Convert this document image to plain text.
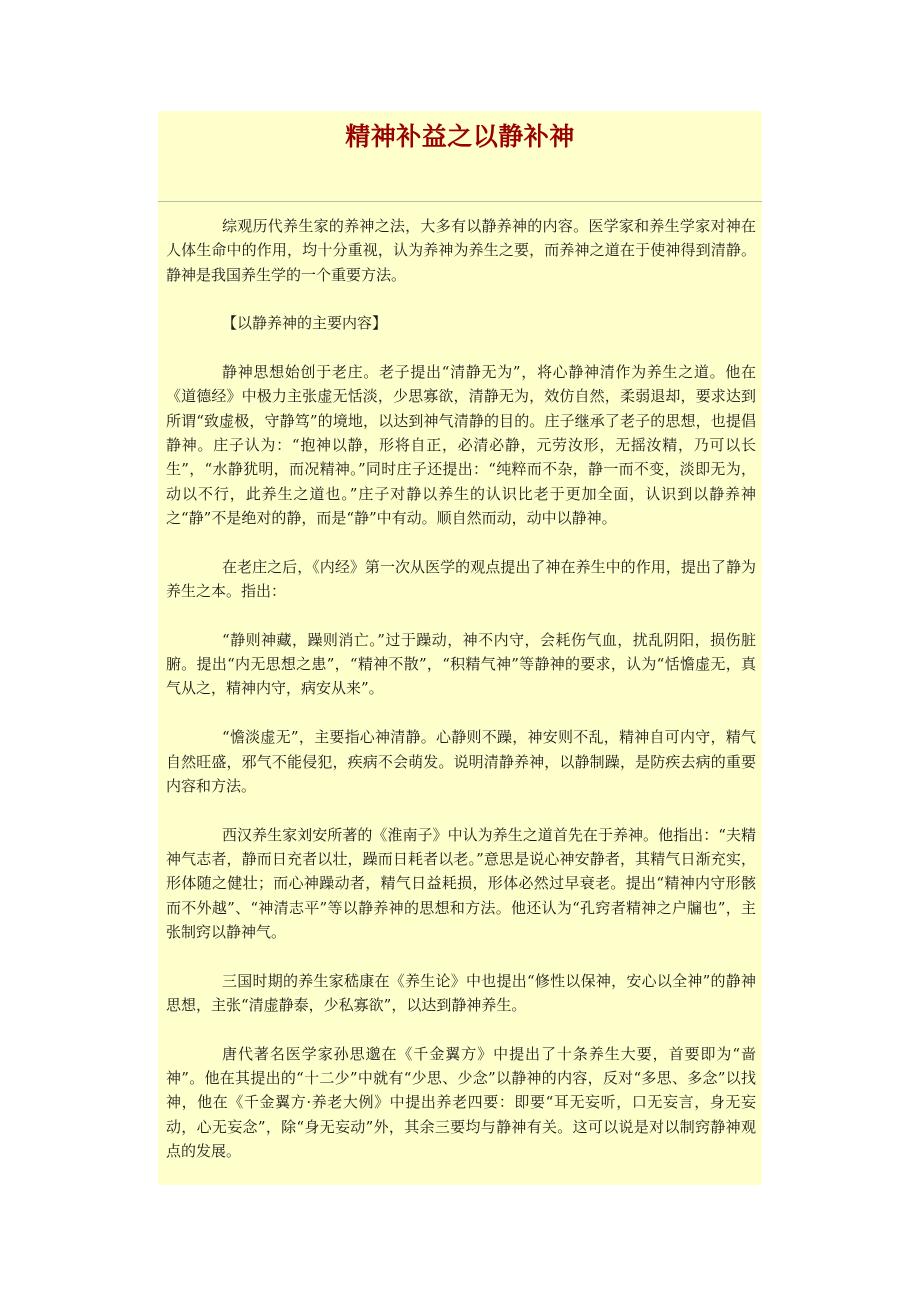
精神补益之以静补神

综观历代养生家的养神之法，大多有以静养神的内容。医学家和养生学家对神在人体生命中的作用，均十分重视，认为养神为养生之要，而养神之道在于使神得到清静。静神是我国养生学的一个重要方法。

【以静养神的主要内容】

静神思想始创于老庄。老子提出“清静无为”，将心静神清作为养生之道。他在《道德经》中极力主张虚无恬淡，少思寡欲，清静无为，效仿自然，柔弱退却，要求达到所谓“致虚极，守静笃”的境地，以达到神气清静的目的。庄子继承了老子的思想，也提倡静神。庄子认为：“抱神以静，形将自正，必清必静，元劳汝形，无摇汝精，乃可以长生”，“水静犹明，而况精神。”同时庄子还提出：“纯粹而不杂，静一而不变，淡即无为，动以不行，此养生之道也。”庄子对静以养生的认识比老于更加全面，认识到以静养神之“静”不是绝对的静，而是“静”中有动。顺自然而动，动中以静神。

在老庄之后，《内经》第一次从医学的观点提出了神在养生中的作用，提出了静为养生之本。指出：

“静则神藏，躁则消亡。”过于躁动，神不内守，会耗伤气血，扰乱阴阳，损伤脏腑。提出“内无思想之患”，“精神不散”，“积精气神”等静神的要求，认为“恬憺虚无，真气从之，精神内守，病安从来”。

“憺淡虚无”，主要指心神清静。心静则不躁，神安则不乱，精神自可内守，精气自然旺盛，邪气不能侵犯，疾病不会萌发。说明清静养神，以静制躁，是防疾去病的重要内容和方法。

西汉养生家刘安所著的《淮南子》中认为养生之道首先在于养神。他指出：“夫精神气志者，静而日充者以壮，躁而日耗者以老。”意思是说心神安静者，其精气日渐充实，形体随之健壮；而心神躁动者，精气日益耗损，形体必然过早衰老。提出“精神内守形骸而不外越”、“神清志平”等以静养神的思想和方法。他还认为“孔窍者精神之户牖也”，主张制窍以静神气。

三国时期的养生家嵇康在《养生论》中也提出“修性以保神，安心以全神”的静神思想，主张“清虚静泰，少私寡欲”，以达到静神养生。

唐代著名医学家孙思邈在《千金翼方》中提出了十条养生大要，首要即为“啬神”。他在其提出的“十二少”中就有“少思、少念”以静神的内容，反对“多思、多念”以找神，他在《千金翼方·养老大例》中提出养老四要：即要“耳无妄听，口无妄言，身无妄动，心无妄念”，除“身无妄动”外，其余三要均与静神有关。这可以说是对以制窍静神观点的发展。
